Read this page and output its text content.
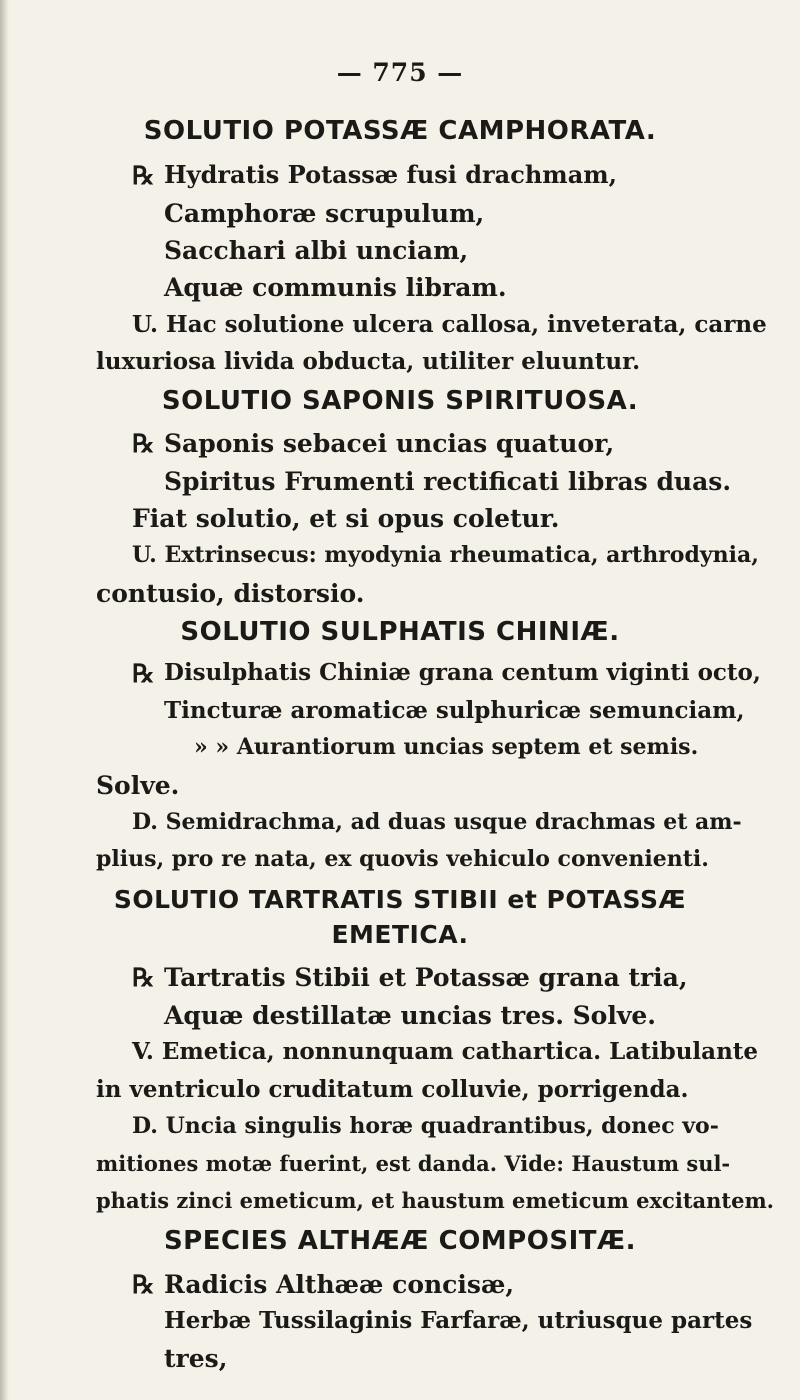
— 775 —
SOLUTIO POTASSÆ CAMPHORATA.
℞ Hydratis Potassæ fusi drachmam,
Camphoræ scrupulum,
Sacchari albi unciam,
Aquæ communis libram.
U. Hac solutione ulcera callosa, inveterata, carne
luxuriosa livida obducta, utiliter eluuntur.
SOLUTIO SAPONIS SPIRITUOSA.
℞ Saponis sebacei uncias quatuor,
Spiritus Frumenti rectificati libras duas.
Fiat solutio, et si opus coletur.
U. Extrinsecus: myodynia rheumatica, arthrodynia,
contusio, distorsio.
SOLUTIO SULPHATIS CHINIÆ.
℞ Disulphatis Chiniæ grana centum viginti octo,
Tincturæ aromaticæ sulphuricæ semunciam,
» » Aurantiorum uncias septem et semis.
Solve.
D. Semidrachma, ad duas usque drachmas et am-
plius, pro re nata, ex quovis vehiculo convenienti.
SOLUTIO TARTRATIS STIBII et POTASSÆ
EMETICA.
℞ Tartratis Stibii et Potassæ grana tria,
Aquæ destillatæ uncias tres. Solve.
V. Emetica, nonnunquam cathartica. Latibulante
in ventriculo cruditatum colluvie, porrigenda.
D. Uncia singulis horæ quadrantibus, donec vo-
mitiones motæ fuerint, est danda. Vide: Haustum sul-
phatis zinci emeticum, et haustum emeticum excitantem.
SPECIES ALTHÆÆ COMPOSITÆ.
℞ Radicis Althææ concisæ,
Herbæ Tussilaginis Farfaræ, utriusque partes
tres,
